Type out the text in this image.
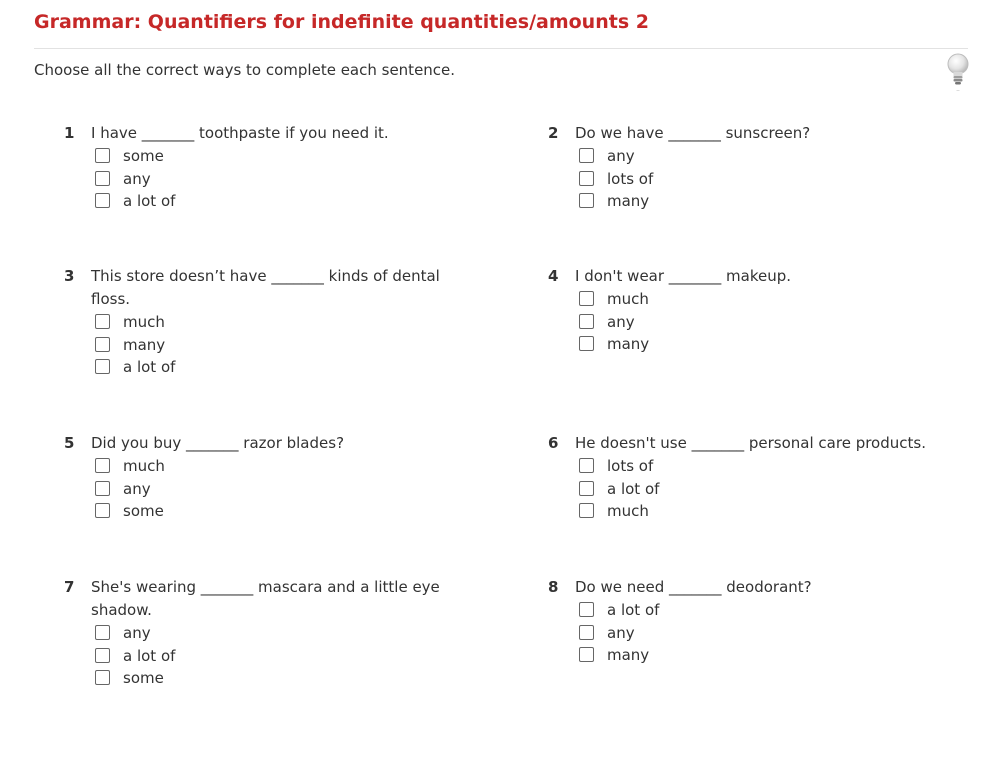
Grammar: Quantifiers for indefinite quantities/amounts 2
Choose all the correct ways to complete each sentence.
1 I have _______ toothpaste if you need it.
some
any
a lot of
2 Do we have _______ sunscreen?
any
lots of
many
3 This store doesn’t have _______ kinds of dental floss.
much
many
a lot of
4 I don't wear _______ makeup.
much
any
many
5 Did you buy _______ razor blades?
much
any
some
6 He doesn't use _______ personal care products.
lots of
a lot of
much
7 She's wearing _______ mascara and a little eye shadow.
any
a lot of
some
8 Do we need _______ deodorant?
a lot of
any
many
